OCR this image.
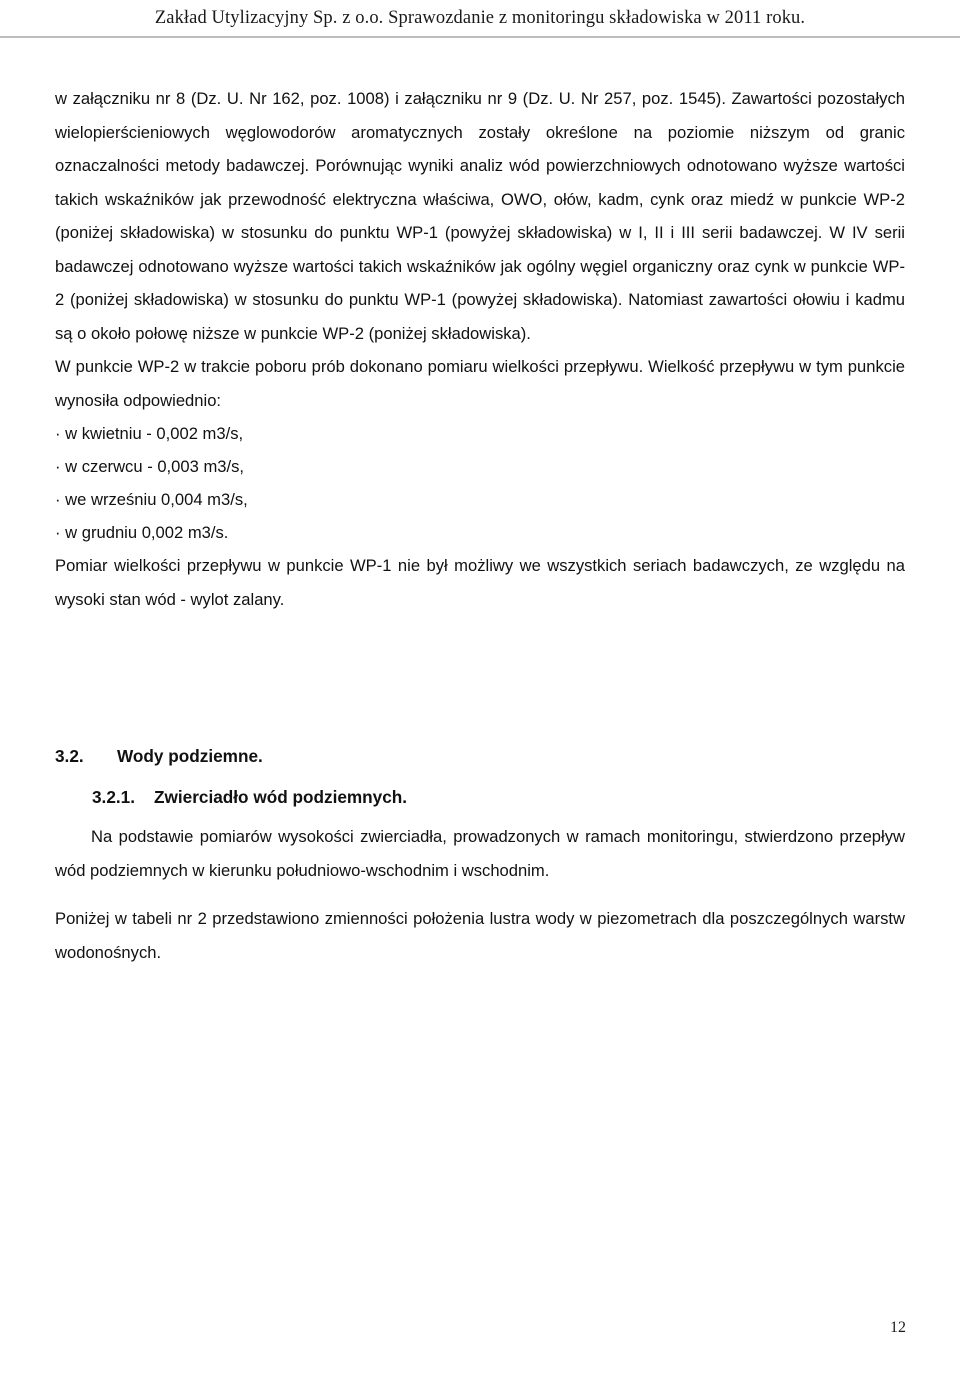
Zakład Utylizacyjny Sp. z o.o. Sprawozdanie z monitoringu składowiska w 2011 roku.

w załączniku nr 8 (Dz. U. Nr 162, poz. 1008) i załączniku nr 9 (Dz. U. Nr 257, poz. 1545). Zawartości pozostałych wielopierścieniowych węglowodorów aromatycznych zostały określone na poziomie niższym od granic oznaczalności metody badawczej. Porównując wyniki analiz wód powierzchniowych odnotowano wyższe wartości takich wskaźników jak przewodność elektryczna właściwa, OWO, ołów, kadm, cynk oraz miedź w punkcie WP-2 (poniżej składowiska) w stosunku do punktu WP-1 (powyżej składowiska) w I, II i III serii badawczej. W IV serii badawczej odnotowano wyższe wartości takich wskaźników jak ogólny węgiel organiczny oraz cynk w punkcie WP-2 (poniżej składowiska) w stosunku do punktu WP-1 (powyżej składowiska). Natomiast zawartości ołowiu i kadmu są o około połowę niższe w punkcie WP-2 (poniżej składowiska).

W punkcie WP-2 w trakcie poboru prób dokonano pomiaru wielkości przepływu. Wielkość przepływu w tym punkcie wynosiła odpowiednio:

· w kwietniu - 0,002 m3/s,

· w czerwcu - 0,003 m3/s,

· we wrześniu 0,004 m3/s,

· w grudniu 0,002 m3/s.

Pomiar wielkości przepływu w punkcie WP-1 nie był możliwy we wszystkich seriach badawczych, ze względu na wysoki stan wód - wylot zalany.

3.2. Wody podziemne.

3.2.1. Zwierciadło wód podziemnych.

Na podstawie pomiarów wysokości zwierciadła, prowadzonych w ramach monitoringu, stwierdzono przepływ wód podziemnych w kierunku południowo-wschodnim i wschodnim.

Poniżej w tabeli nr 2 przedstawiono zmienności położenia lustra wody w piezometrach dla poszczególnych warstw wodonośnych.

12
